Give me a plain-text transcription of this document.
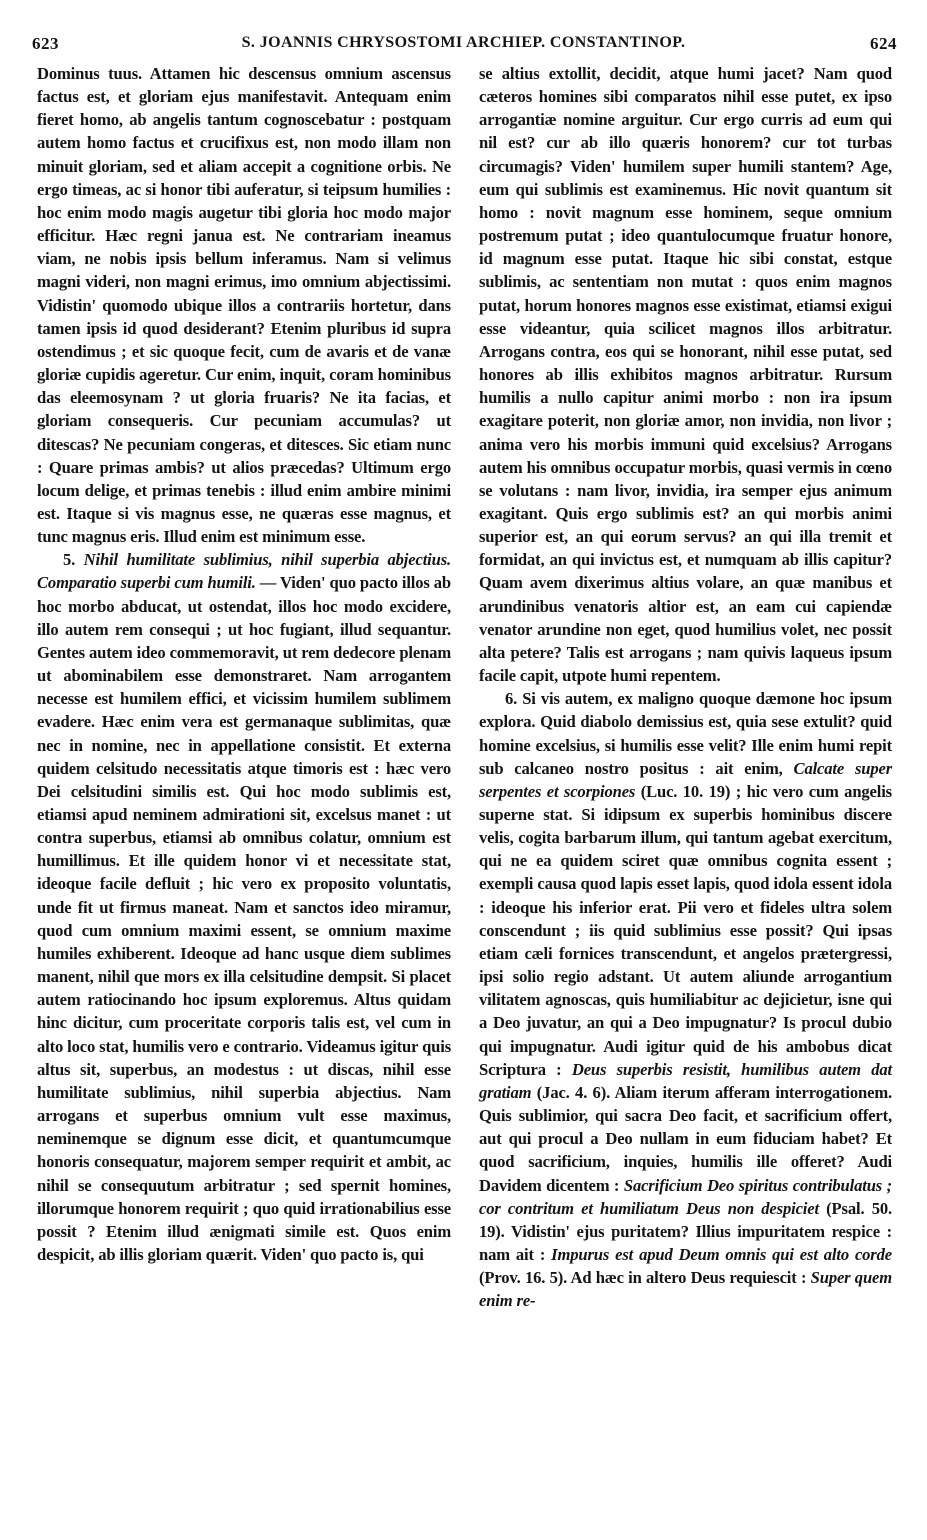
623	S. JOANNIS CHRYSOSTOMI ARCHIEP. CONSTANTINOP.	624

Dominus tuus. Attamen hic descensus omnium ascensus factus est, et gloriam ejus manifestavit. Antequam enim fieret homo, ab angelis tantum cognoscebatur : postquam autem homo factus et crucifixus est, non modo illam non minuit gloriam, sed et aliam accepit a cognitione orbis. Ne ergo timeas, ac si honor tibi auferatur, si teipsum humilies : hoc enim modo magis augetur tibi gloria hoc modo major efficitur. Hæc regni janua est. Ne contrariam ineamus viam, ne nobis ipsis bellum inferamus. Nam si velimus magni videri, non magni erimus, imo omnium abjectissimi. Vidistin' quomodo ubique illos a contrariis hortetur, dans tamen ipsis id quod desiderant? Etenim pluribus id supra ostendimus ; et sic quoque fecit, cum de avaris et de vanæ gloriæ cupidis ageretur. Cur enim, inquit, coram hominibus das eleemosynam ? ut gloria fruaris? Ne ita facias, et gloriam consequeris. Cur pecuniam accumulas? ut ditescas? Ne pecuniam congeras, et ditesces. Sic etiam nunc : Quare primas ambis? ut alios præcedas? Ultimum ergo locum delige, et primas tenebis : illud enim ambire minimi est. Itaque si vis magnus esse, ne quæras esse magnus, et tunc magnus eris. Illud enim est minimum esse.

5. Nihil humilitate sublimius, nihil superbia abjectius. Comparatio superbi cum humili. — Viden' quo pacto illos ab hoc morbo abducat, ut ostendat, illos hoc modo excidere, illo autem rem consequi ; ut hoc fugiant, illud sequantur. Gentes autem ideo commemoravit, ut rem dedecore plenam ut abominabilem esse demonstraret. Nam arrogantem necesse est humilem effici, et vicissim humilem sublimem evadere. Hæc enim vera est germanaque sublimitas, quæ nec in nomine, nec in appellatione consistit. Et externa quidem celsitudo necessitatis atque timoris est : hæc vero Dei celsitudini similis est. Qui hoc modo sublimis est, etiamsi apud neminem admirationi sit, excelsus manet : ut contra superbus, etiamsi ab omnibus colatur, omnium est humillimus. Et ille quidem honor vi et necessitate stat, ideoque facile defluit ; hic vero ex proposito voluntatis, unde fit ut firmus maneat. Nam et sanctos ideo miramur, quod cum omnium maximi essent, se omnium maxime humiles exhiberent. Ideoque ad hanc usque diem sublimes manent, nihil que mors ex illa celsitudine dempsit. Si placet autem ratiocinando hoc ipsum exploremus. Altus quidam hinc dicitur, cum proceritate corporis talis est, vel cum in alto loco stat, humilis vero e contrario. Videamus igitur quis altus sit, superbus, an modestus : ut discas, nihil esse humilitate sublimius, nihil superbia abjectius. Nam arrogans et superbus omnium vult esse maximus, neminemque se dignum esse dicit, et quantumcumque honoris consequatur, majorem semper requirit et ambit, ac nihil se consequutum arbitratur ; sed spernit homines, illorumque honorem requirit ; quo quid irrationabilius esse possit ? Etenim illud ænigmati simile est. Quos enim despicit, ab illis gloriam quærit. Viden' quo pacto is, qui

se altius extollit, decidit, atque humi jacet? Nam quod cæteros homines sibi comparatos nihil esse putet, ex ipso arrogantiæ nomine arguitur. Cur ergo curris ad eum qui nil est? cur ab illo quæris honorem? cur tot turbas circumagis? Viden' humilem super humili stantem? Age, eum qui sublimis est examinemus. Hic novit quantum sit homo : novit magnum esse hominem, seque omnium postremum putat ; ideo quantulocumque fruatur honore, id magnum esse putat. Itaque hic sibi constat, estque sublimis, ac sententiam non mutat : quos enim magnos putat, horum honores magnos esse existimat, etiamsi exigui esse videantur, quia scilicet magnos illos arbitratur. Arrogans contra, eos qui se honorant, nihil esse putat, sed honores ab illis exhibitos magnos arbitratur. Rursum humilis a nullo capitur animi morbo : non ira ipsum exagitare poterit, non gloriæ amor, non invidia, non livor ; anima vero his morbis immuni quid excelsius? Arrogans autem his omnibus occupatur morbis, quasi vermis in cœno se volutans : nam livor, invidia, ira semper ejus animum exagitant. Quis ergo sublimis est? an qui morbis animi superior est, an qui eorum servus? an qui illa tremit et formidat, an qui invictus est, et numquam ab illis capitur? Quam avem dixerimus altius volare, an quæ manibus et arundinibus venatoris altior est, an eam cui capiendæ venator arundine non eget, quod humilius volet, nec possit alta petere? Talis est arrogans ; nam quivis laqueus ipsum facile capit, utpote humi repentem.

6. Si vis autem, ex maligno quoque dæmone hoc ipsum explora. Quid diabolo demissius est, quia sese extulit? quid homine excelsius, si humilis esse velit? Ille enim humi repit sub calcaneo nostro positus : ait enim, Calcate super serpentes et scorpiones (Luc. 10. 19) ; hic vero cum angelis superne stat. Si idipsum ex superbis hominibus discere velis, cogita barbarum illum, qui tantum agebat exercitum, qui ne ea quidem sciret quæ omnibus cognita essent ; exempli causa quod lapis esset lapis, quod idola essent idola : ideoque his inferior erat. Pii vero et fideles ultra solem conscendunt ; iis quid sublimius esse possit? Qui ipsas etiam cæli fornices transcendunt, et angelos prætergressi, ipsi solio regio adstant. Ut autem aliunde arrogantium vilitatem agnoscas, quis humiliabitur ac dejicietur, isne qui a Deo juvatur, an qui a Deo impugnatur? Is procul dubio qui impugnatur. Audi igitur quid de his ambobus dicat Scriptura : Deus superbis resistit, humilibus autem dat gratiam (Jac. 4. 6). Aliam iterum afferam interrogationem. Quis sublimior, qui sacra Deo facit, et sacrificium offert, aut qui procul a Deo nullam in eum fiduciam habet? Et quod sacrificium, inquies, humilis ille offeret? Audi Davidem dicentem : Sacrificium Deo spiritus contribulatus ; cor contritum et humiliatum Deus non despiciet (Psal. 50. 19). Vidistin' ejus puritatem? Illius impuritatem respice : nam ait : Impurus est apud Deum omnis qui est alto corde (Prov. 16. 5). Ad hæc in altero Deus requiescit : Super quem enim re-
